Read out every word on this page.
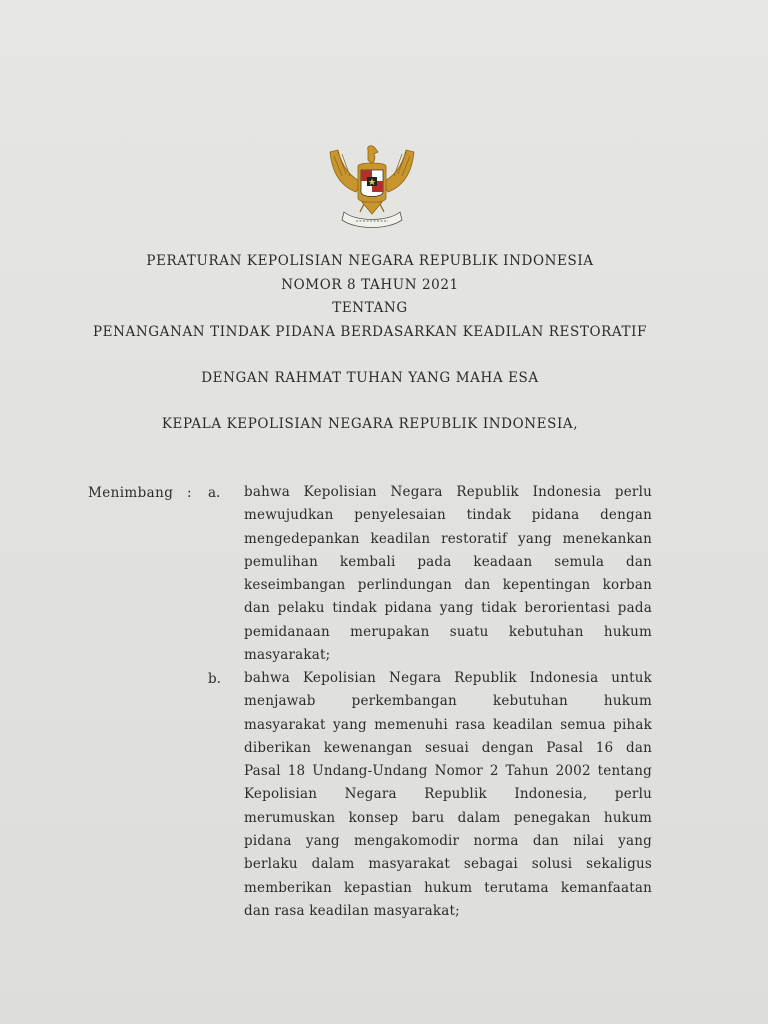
PERATURAN KEPOLISIAN NEGARA REPUBLIK INDONESIA
NOMOR 8 TAHUN 2021
TENTANG
PENANGANAN TINDAK PIDANA BERDASARKAN KEADILAN RESTORATIF
DENGAN RAHMAT TUHAN YANG MAHA ESA
KEPALA KEPOLISIAN NEGARA REPUBLIK INDONESIA,
Menimbang : a. bahwa Kepolisian Negara Republik Indonesia perlu
mewujudkan penyelesaian tindak pidana dengan
mengedepankan keadilan restoratif yang menekankan
pemulihan kembali pada keadaan semula dan
keseimbangan perlindungan dan kepentingan korban
dan pelaku tindak pidana yang tidak berorientasi pada
pemidanaan merupakan suatu kebutuhan hukum
masyarakat;
b. bahwa Kepolisian Negara Republik Indonesia untuk
menjawab perkembangan kebutuhan hukum
masyarakat yang memenuhi rasa keadilan semua pihak
diberikan kewenangan sesuai dengan Pasal 16 dan
Pasal 18 Undang-Undang Nomor 2 Tahun 2002 tentang
Kepolisian Negara Republik Indonesia, perlu
merumuskan konsep baru dalam penegakan hukum
pidana yang mengakomodir norma dan nilai yang
berlaku dalam masyarakat sebagai solusi sekaligus
memberikan kepastian hukum terutama kemanfaatan
dan rasa keadilan masyarakat;
